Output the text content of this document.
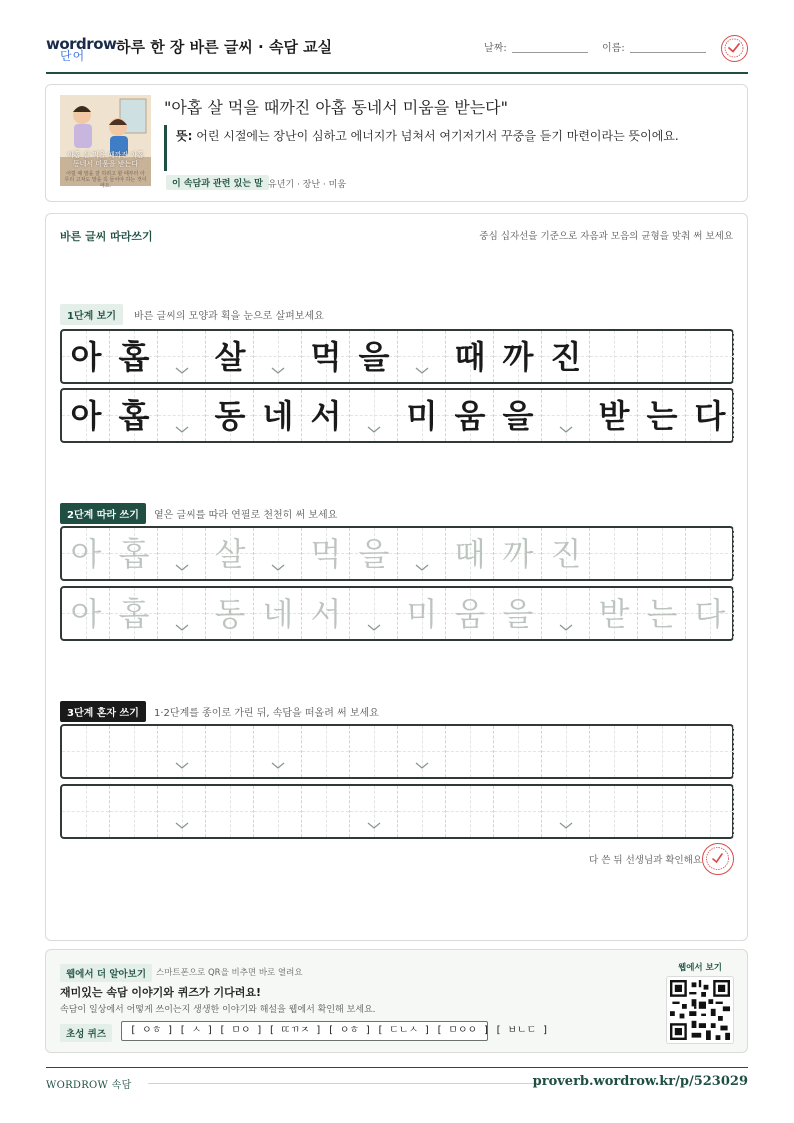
wordrow
단어 하루 한 장 바른 글씨 · 속담 교실	날짜:	이름:
아홉 살 먹을 때까진 아홉 동네서 미움을 받는다
어릴 때 말을 잘 하려고 할 때부터 아무리 고쳐도 말을 꼭 들어야 하는 것이에요.
"아홉 살 먹을 때까진 아홉 동네서 미움을 받는다"
뜻: 어린 시절에는 장난이 심하고 에너지가 넘쳐서 여기저기서 꾸중을 듣기 마련이라는 뜻이에요.
이 속담과 관련 있는 말 유년기 · 장난 · 미움
바른 글씨 따라쓰기	중심 십자선을 기준으로 자음과 모음의 균형을 맞춰 써 보세요
1단계 보기	바른 글씨의 모양과 획을 눈으로 살펴보세요
2단계 따라 쓰기	옅은 글씨를 따라 연필로 천천히 써 보세요
3단계 혼자 쓰기	1·2단계를 종이로 가린 뒤, 속담을 떠올려 써 보세요
아 홉 살 먹 을 때 까 진
아 홉 동 네 서 미 움 을 받 는 다
아 홉 살 먹 을 때 까 진
아 홉 동 네 서 미 움 을 받 는 다
다 쓴 뒤 선생님과 확인해요
웹에서 더 알아보기	스마트폰으로 QR을 비추면 바로 열려요
재미있는 속담 이야기와 퀴즈가 기다려요!
속담이 일상에서 어떻게 쓰이는지 생생한 이야기와 해설을 웹에서 확인해 보세요.
초성 퀴즈	[ ㅇㅎ ] [ ㅅ ] [ ㅁㅇ ] [ ㄸㄲㅈ ] [ ㅇㅎ ] [ ㄷㄴㅅ ] [ ㅁㅇㅇ ] [ ㅂㄴㄷ ]
웹에서 보기
WORDROW 속담	proverb.wordrow.kr/p/523029
